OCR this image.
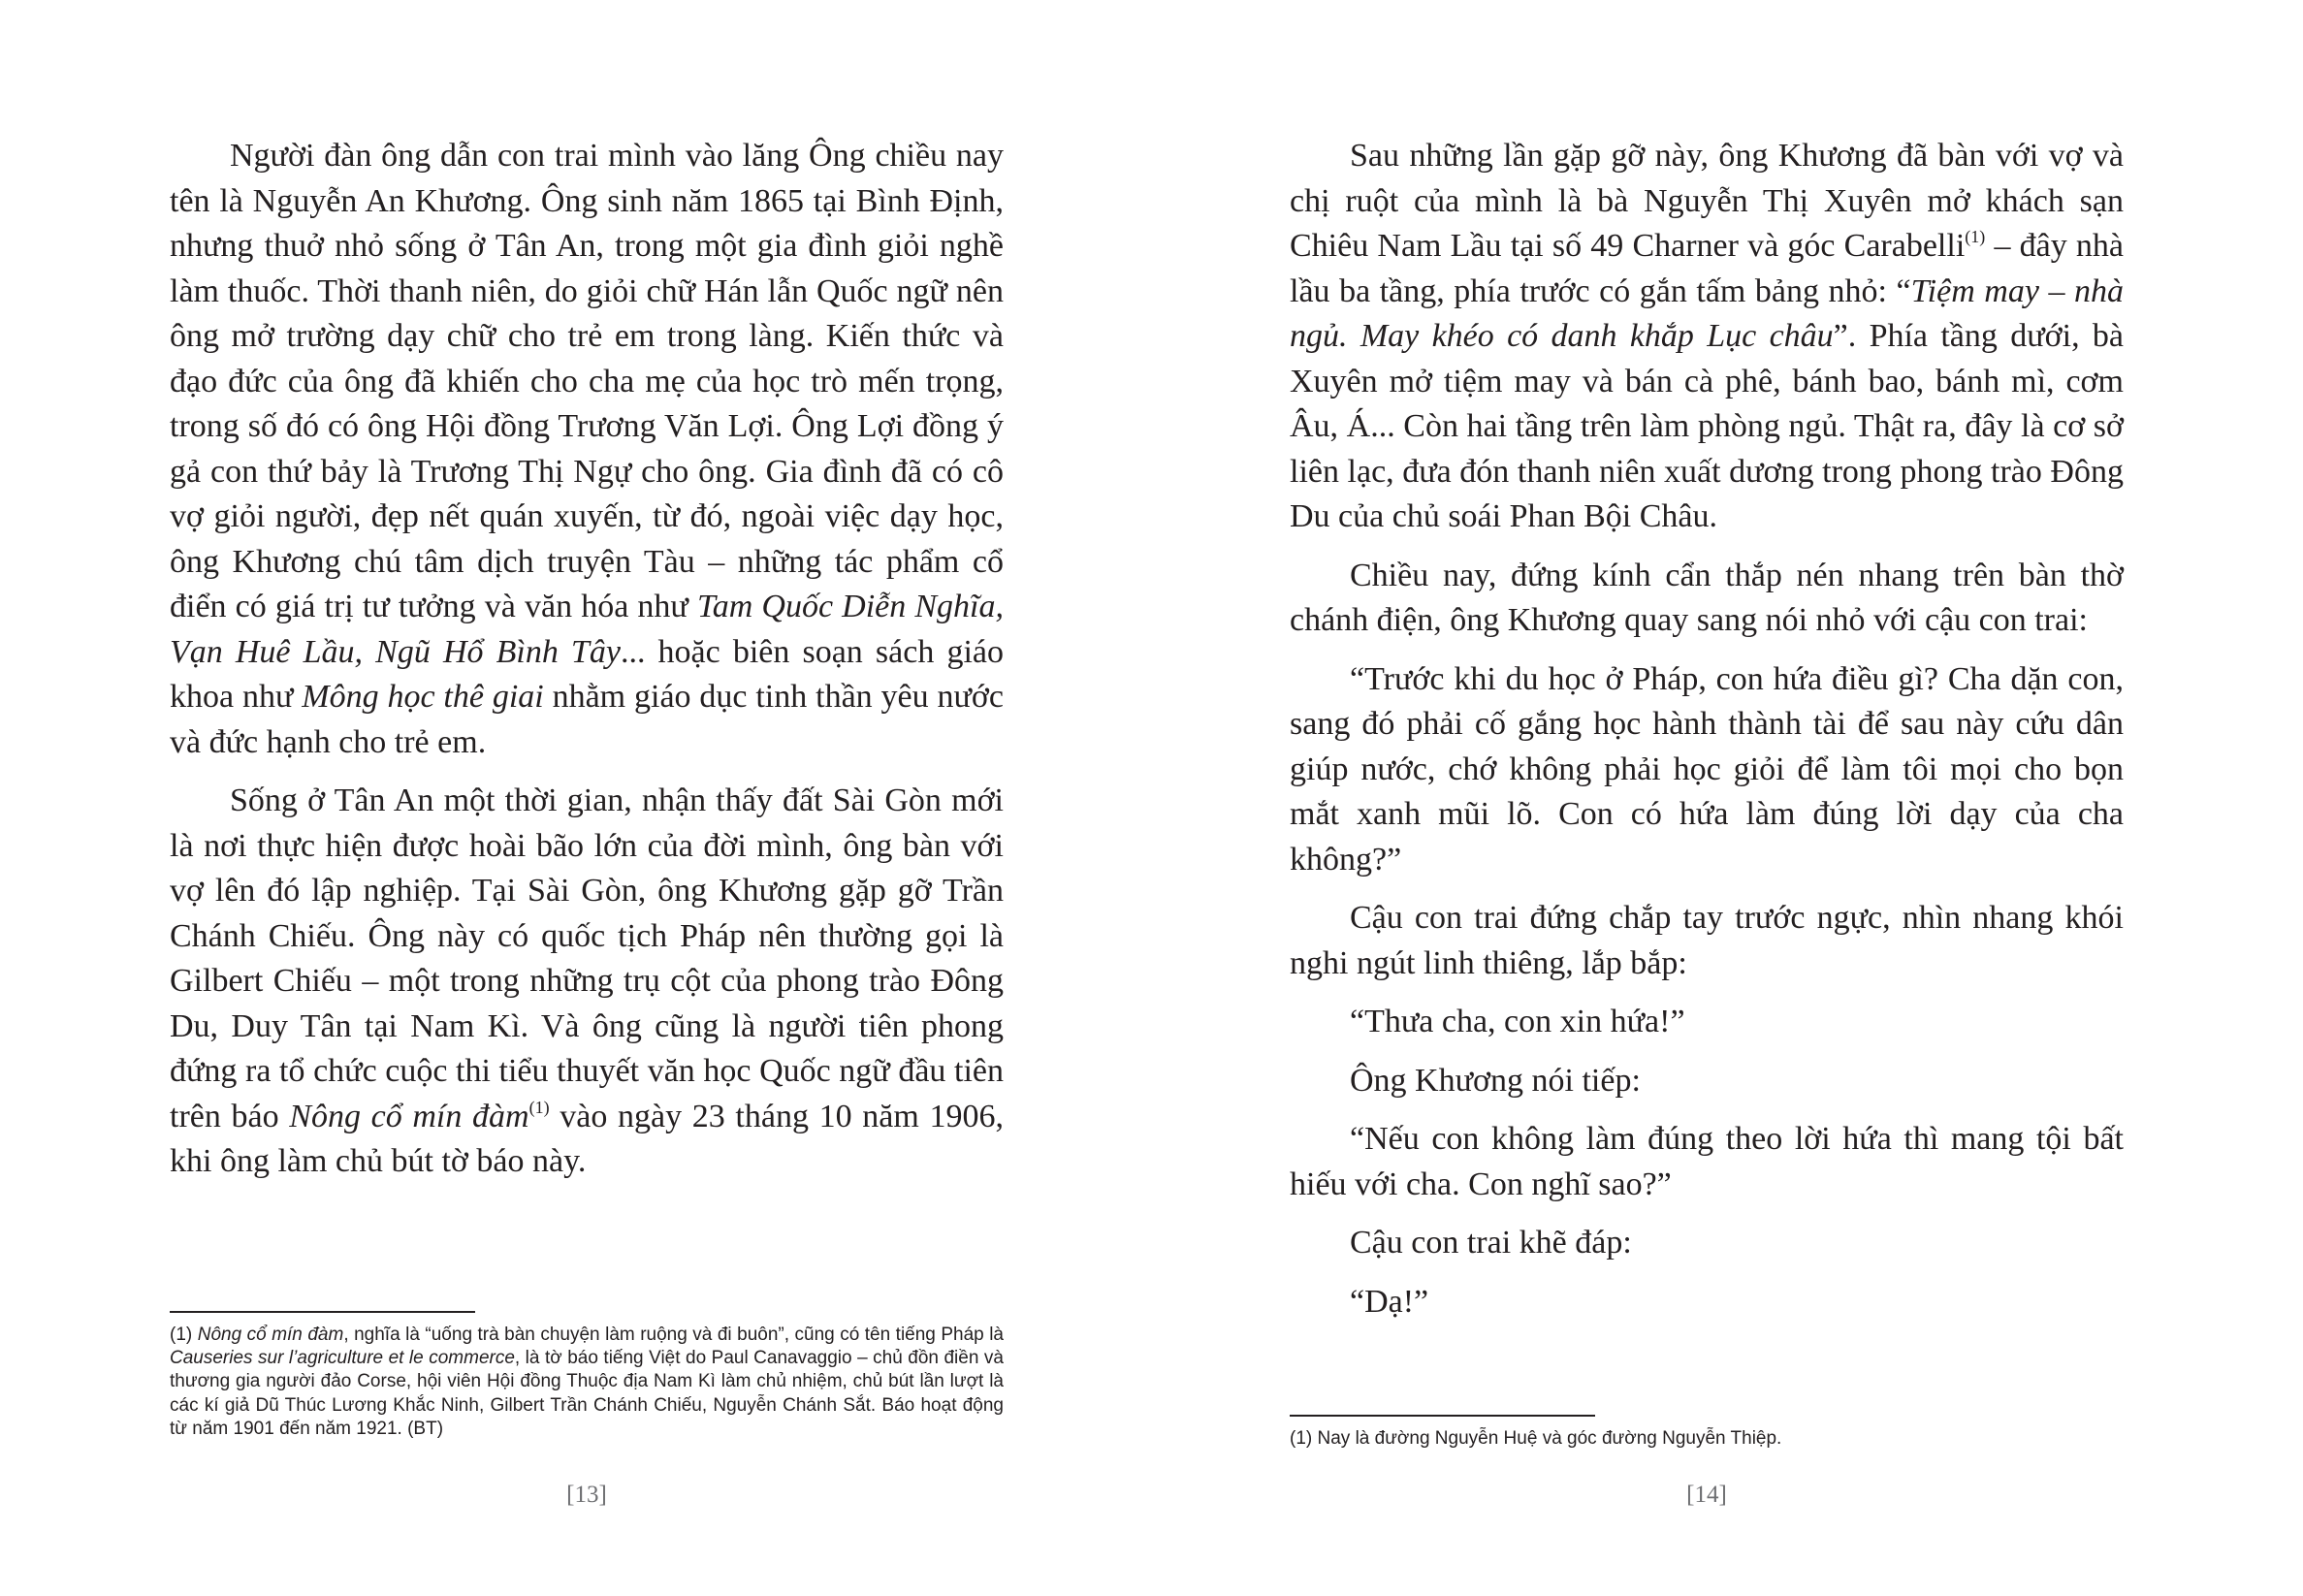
Người đàn ông dẫn con trai mình vào lăng Ông chiều nay tên là Nguyễn An Khương. Ông sinh năm 1865 tại Bình Định, nhưng thuở nhỏ sống ở Tân An, trong một gia đình giỏi nghề làm thuốc. Thời thanh niên, do giỏi chữ Hán lẫn Quốc ngữ nên ông mở trường dạy chữ cho trẻ em trong làng. Kiến thức và đạo đức của ông đã khiến cho cha mẹ của học trò mến trọng, trong số đó có ông Hội đồng Trương Văn Lợi. Ông Lợi đồng ý gả con thứ bảy là Trương Thị Ngự cho ông. Gia đình đã có cô vợ giỏi người, đẹp nết quán xuyến, từ đó, ngoài việc dạy học, ông Khương chú tâm dịch truyện Tàu – những tác phẩm cổ điển có giá trị tư tưởng và văn hóa như Tam Quốc Diễn Nghĩa, Vạn Huê Lầu, Ngũ Hổ Bình Tây... hoặc biên soạn sách giáo khoa như Mông học thê giai nhằm giáo dục tinh thần yêu nước và đức hạnh cho trẻ em.

Sống ở Tân An một thời gian, nhận thấy đất Sài Gòn mới là nơi thực hiện được hoài bão lớn của đời mình, ông bàn với vợ lên đó lập nghiệp. Tại Sài Gòn, ông Khương gặp gỡ Trần Chánh Chiếu. Ông này có quốc tịch Pháp nên thường gọi là Gilbert Chiếu – một trong những trụ cột của phong trào Đông Du, Duy Tân tại Nam Kì. Và ông cũng là người tiên phong đứng ra tổ chức cuộc thi tiểu thuyết văn học Quốc ngữ đầu tiên trên báo Nông cổ mín đàm$^{(1)}$ vào ngày 23 tháng 10 năm 1906, khi ông làm chủ bút tờ báo này.

(1) Nông cổ mín đàm, nghĩa là “uống trà bàn chuyện làm ruộng và đi buôn”, cũng có tên tiếng Pháp là Causeries sur l’agriculture et le commerce, là tờ báo tiếng Việt do Paul Canavaggio – chủ đồn điền và thương gia người đảo Corse, hội viên Hội đồng Thuộc địa Nam Kì làm chủ nhiệm, chủ bút lần lượt là các kí giả Dũ Thúc Lương Khắc Ninh, Gilbert Trần Chánh Chiếu, Nguyễn Chánh Sắt. Báo hoạt động từ năm 1901 đến năm 1921. (BT)
[13]

Sau những lần gặp gỡ này, ông Khương đã bàn với vợ và chị ruột của mình là bà Nguyễn Thị Xuyên mở khách sạn Chiêu Nam Lầu tại số 49 Charner và góc Carabelli$^{(1)}$ – đây nhà lầu ba tầng, phía trước có gắn tấm bảng nhỏ: “Tiệm may – nhà ngủ. May khéo có danh khắp Lục châu”. Phía tầng dưới, bà Xuyên mở tiệm may và bán cà phê, bánh bao, bánh mì, cơm Âu, Á... Còn hai tầng trên làm phòng ngủ. Thật ra, đây là cơ sở liên lạc, đưa đón thanh niên xuất dương trong phong trào Đông Du của chủ soái Phan Bội Châu.

Chiều nay, đứng kính cẩn thắp nén nhang trên bàn thờ chánh điện, ông Khương quay sang nói nhỏ với cậu con trai:

“Trước khi du học ở Pháp, con hứa điều gì? Cha dặn con, sang đó phải cố gắng học hành thành tài để sau này cứu dân giúp nước, chớ không phải học giỏi để làm tôi mọi cho bọn mắt xanh mũi lõ. Con có hứa làm đúng lời dạy của cha không?”

Cậu con trai đứng chắp tay trước ngực, nhìn nhang khói nghi ngút linh thiêng, lắp bắp:

“Thưa cha, con xin hứa!”

Ông Khương nói tiếp:

“Nếu con không làm đúng theo lời hứa thì mang tội bất hiếu với cha. Con nghĩ sao?”

Cậu con trai khẽ đáp:

“Dạ!”

(1) Nay là đường Nguyễn Huệ và góc đường Nguyễn Thiệp.
[14]
